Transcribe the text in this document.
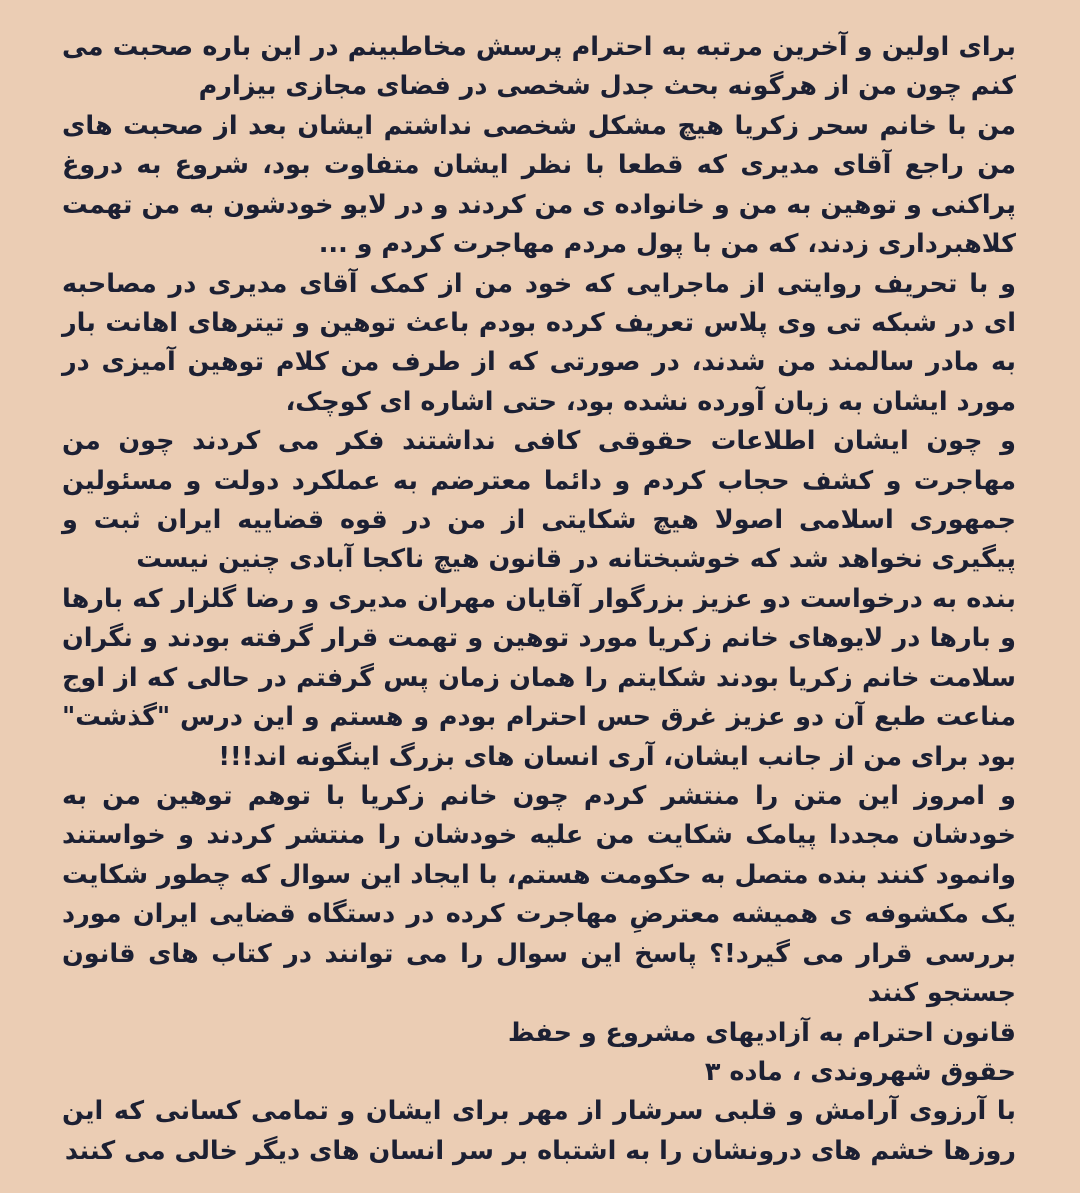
برای اولین و آخرین مرتبه به احترام پرسش مخاطبینم در این باره صحبت می کنم چون من از هرگونه بحث جدل شخصی در فضای مجازی بیزارم

من با خانم سحر زکریا هیچ مشکل شخصی نداشتم ایشان بعد از صحبت های من راجع آقای مدیری که قطعا با نظر ایشان متفاوت بود، شروع به دروغ پراکنی و توهین به من و خانواده ی من کردند و در لایو خودشون به من تهمت کلاهبرداری زدند، که من با پول مردم مهاجرت کردم و ...

و با تحریف روایتی از ماجرایی که خود من از کمک آقای مدیری در مصاحبه ای در شبکه تی وی پلاس تعریف کرده بودم باعث توهین و تیترهای اهانت بار به مادر سالمند من شدند، در صورتی که از طرف من کلام توهین آمیزی در مورد ایشان به زبان آورده نشده بود، حتی اشاره ای کوچک،

و چون ایشان اطلاعات حقوقی کافی نداشتند فکر می کردند چون من مهاجرت و کشف حجاب کردم و دائما معترضم به عملکرد دولت و مسئولین جمهوری اسلامی اصولا هیچ شکایتی از من در قوه قضاییه ایران ثبت و پیگیری نخواهد شد که خوشبختانه در قانون هیچ ناکجا آبادی چنین نیست

بنده به درخواست دو عزیز بزرگوار آقایان مهران مدیری و رضا گلزار که بارها و بارها در لایوهای خانم زکریا مورد توهین و تهمت قرار گرفته بودند و نگران سلامت خانم زکریا بودند شکایتم را همان زمان پس گرفتم در حالی که از اوج مناعت طبع آن دو عزیز غرق حس احترام بودم و هستم و این درس "گذشت" بود برای من از جانب ایشان، آری انسان های بزرگ اینگونه اند!!!

و امروز این متن را منتشر کردم چون خانم زکریا با توهم توهین من به خودشان مجددا پیامک شکایت من علیه خودشان را منتشر کردند و خواستند وانمود کنند بنده متصل به حکومت هستم، با ایجاد این سوال که چطور شکایت یک مکشوفه ی همیشه معترضِ مهاجرت کرده در دستگاه قضایی ایران مورد بررسی قرار می گیرد!؟ پاسخ این سوال را می توانند در کتاب های قانون جستجو کنند

قانون احترام به آزادیهای مشروع و حفظ

حقوق شهروندی ، ماده ۳

با آرزوی آرامش و قلبی سرشار از مهر برای ایشان و تمامی کسانی که این روزها خشم های درونشان را به اشتباه بر سر انسان های دیگر خالی می کنند
